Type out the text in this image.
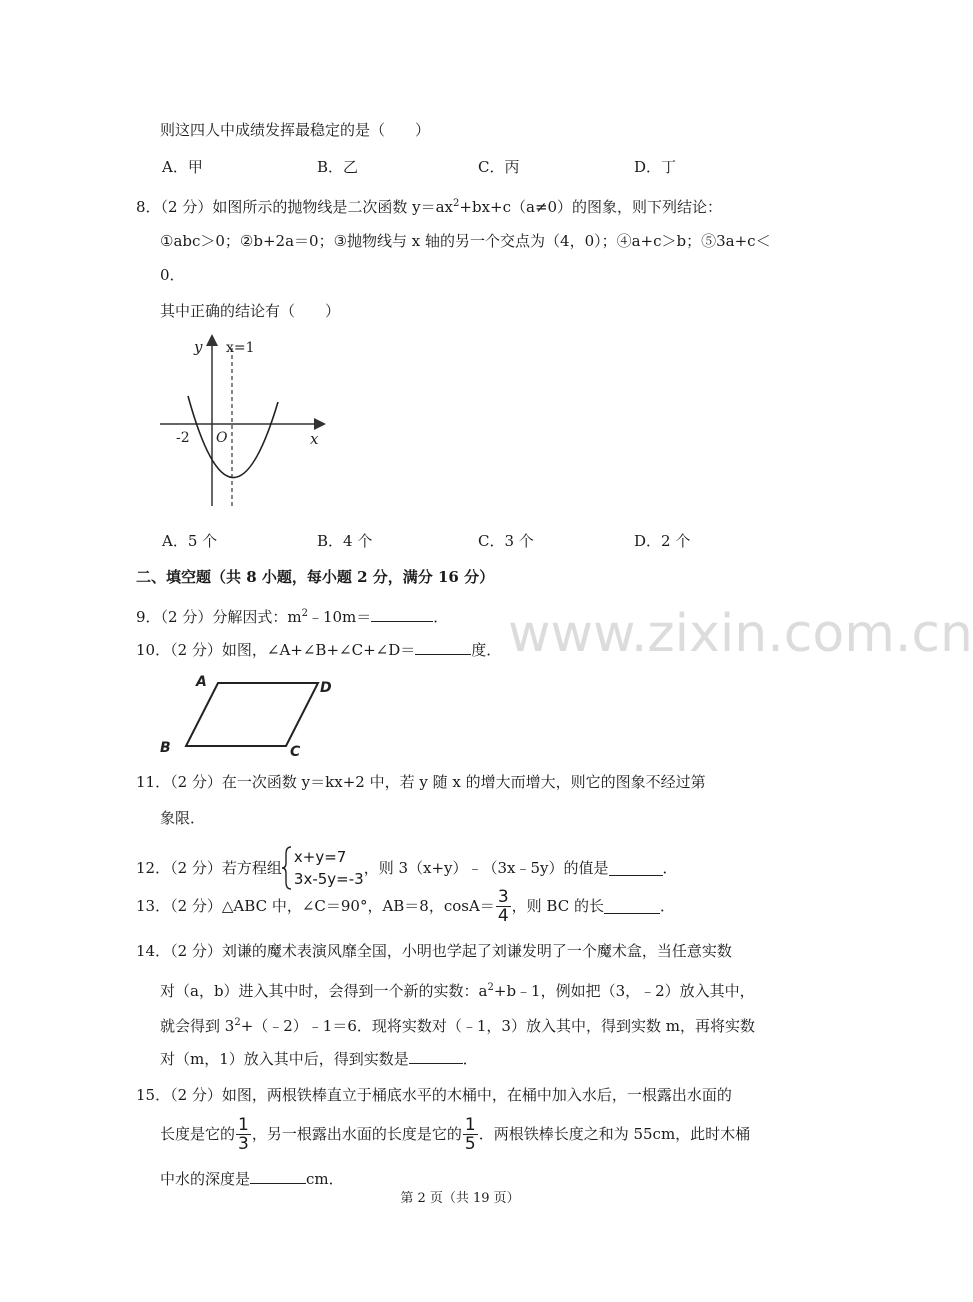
则这四人中成绩发挥最稳定的是（　　）
A．甲	B．乙	C．丙	D．丁
8．（2 分）如图所示的抛物线是二次函数 $y=ax^2+bx+c(a\ne 0)$的图象，则下列结论：
①abc＞0；②b+2a＝0；③抛物线与 x 轴的另一个交点为（4，0）；④a+c＞b；⑤3a+c＜
0．
其中正确的结论有（　　）
y x=1
x
O
-2
A．5 个	B．4 个	C．3 个	D．2 个
二、填空题（共 8 小题，每小题 2 分，满分 16 分）
9．（2 分）分解因式：$m^2﹣10m=$	．
10．（2 分）如图，∠A+∠B+∠C+∠D＝	度．
A	D
B	C
11．（2 分）在一次函数 y＝kx+2 中，若 y 随 x 的增大而增大，则它的图象不经过第
象限．
12．（2 分）若方程组
x+y=7
3x-5y=-3
，则 3（x+y）﹣（3x﹣5y）的值是	．
13．（2 分）△ABC 中，∠C＝90°，AB＝8，$\cos A= \frac{3}{4}$ ，则 BC 的长	．
14．（2 分）刘谦的魔术表演风靡全国，小明也学起了刘谦发明了一个魔术盒，当任意实数
对（a，b）进入其中时，会得到一个新的实数：$a^2+b﹣1$，例如把（3，﹣2）放入其中，
就会得到 $3^2+(﹣2)﹣1=6$．现将实数对（﹣1，3）放入其中，得到实数 m，再将实数
对（m，1）放入其中后，得到实数是	．
15．（2 分）如图，两根铁棒直立于桶底水平的木桶中，在桶中加入水后，一根露出水面的
长度是它的 $\frac{1}{3}$ ，另一根露出水面的长度是它的 $\frac{1}{5}$ ．两根铁棒长度之和为 55cm，此时木桶
中水的深度是	cm．
www.zixin.com.cn
第 2 页（共 19 页）
